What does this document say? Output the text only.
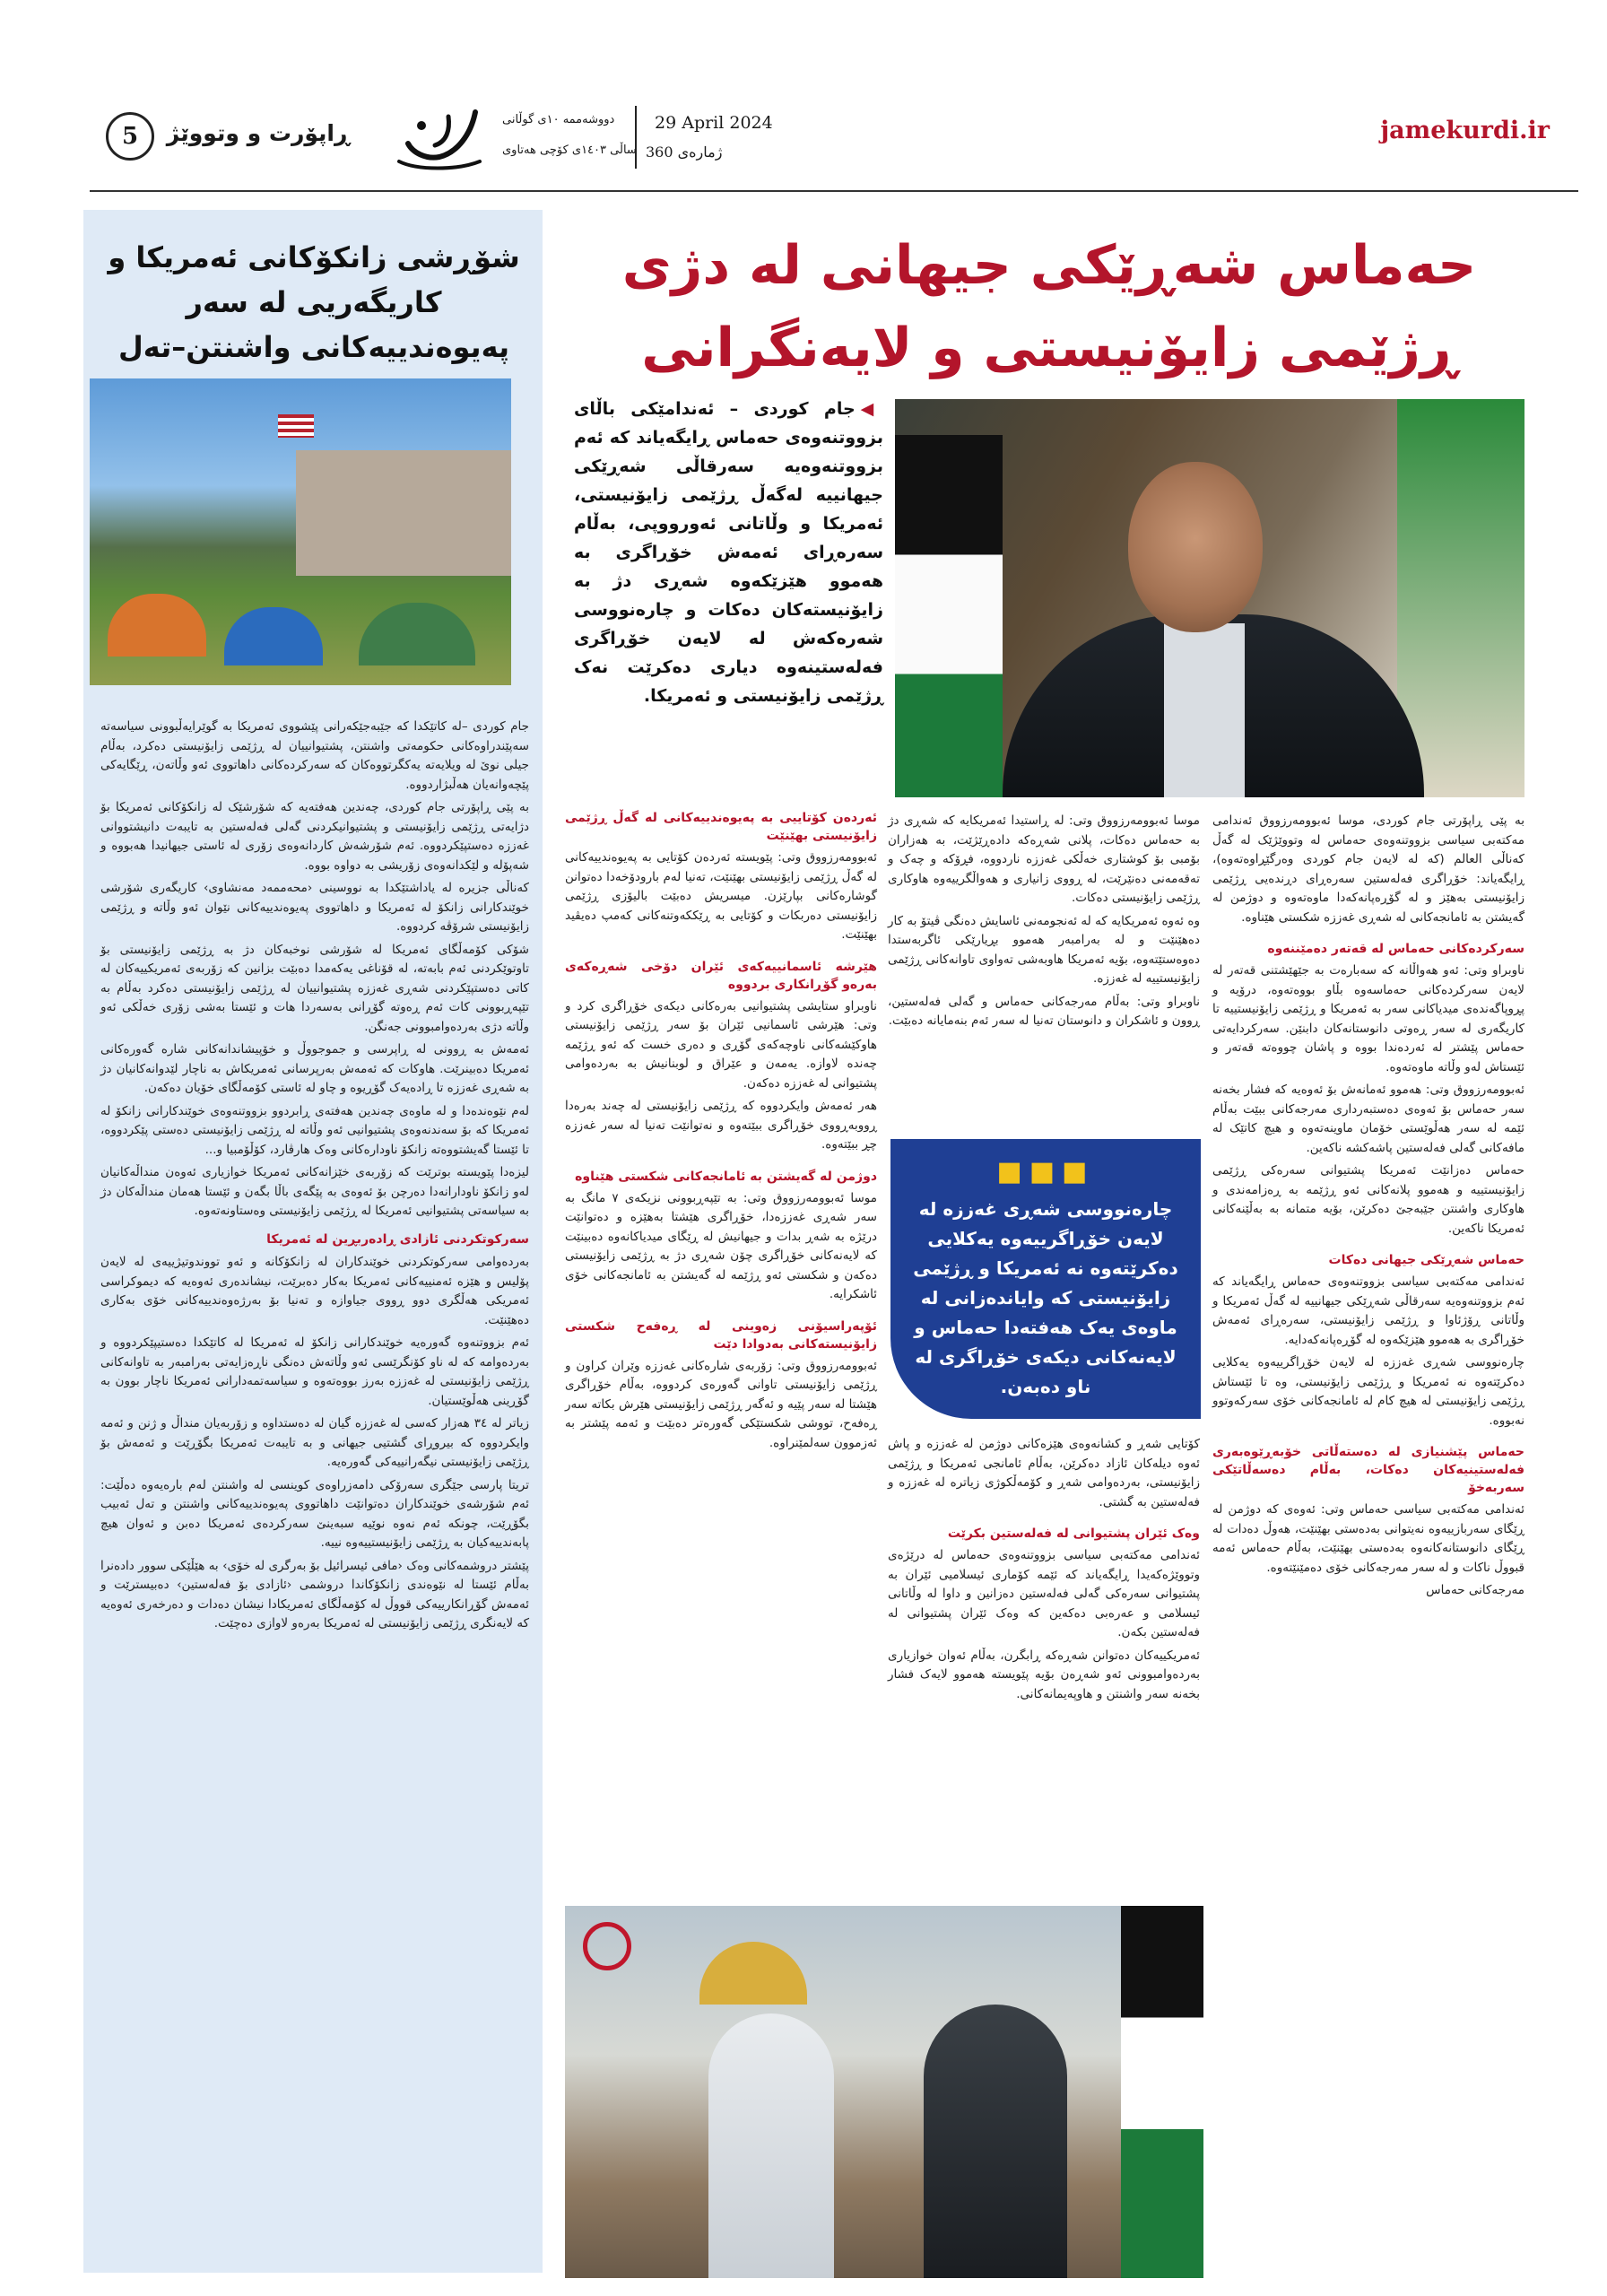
jamekurdi.ir
29 April 2024
ژمارەی 360
دووشەممە ١٠ی گوڵانی
ساڵی ١٤٠٣ی کۆچی هەتاوی
ڕاپۆرت و وتووێژ
5
شۆڕشی زانکۆکانی ئەمریکا و کاریگەریی لە سەر پەیوەندییەکانی واشنتن–تەل

جام کوردی –لە کاتێکدا کە جێبەجێکەرانی پێشووی ئەمریکا بە گوێرایەڵبوونی سیاسەتە سەپێندراوەکانی حکومەتی واشنتن، پشتیوانییان لە ڕژێمی زایۆنیستی دەکرد، بەڵام جیلی نوێ لە ویلایەتە یەکگرتووەکان کە سەرکردەکانی داهاتووی ئەو وڵاتەن، ڕێگایەکی پێچەوانەیان هەڵبژاردووە.

بە پێی ڕاپۆرتی جام کوردی، چەندین هەفتەیە کە شۆرشێک لە زانکۆکانی ئەمریکا بۆ دژایەتی ڕژێمی زایۆنیستی و پشتیوانیکردنی گەلی فەلەستین بە تایبەت دانیشتووانی غەززە دەستپێکردووە. ئەم شۆرشەش کاردانەوەی زۆری لە ئاستی جیهانیدا هەبووە و شەپۆلە و لێکدانەوەی زۆریشی بە دواوە بووە.

کەناڵی جزیرە لە یاداشتێکدا بە نووسینی ‹محەممەد مەنشاوی› کاریگەری شۆرشی خوێندکارانی زانکۆ لە ئەمریکا و داهاتووی پەیوەندییەکانی نێوان ئەو وڵاتە و ڕژێمی زایۆنیستی شرۆڤە کردووە.

شۆکی کۆمەڵگای ئەمریکا لە شۆرشی نوخبەکان دژ بە ڕژێمی زایۆنیستی بۆ تاوتوێکردنی ئەم بابەتە، لە قۆناغی یەکەمدا دەبێت بزانین کە زۆربەی ئەمریکییەکان لە کاتی دەستپێکردنی شەڕی غەززە پشتیوانییان لە ڕژێمی زایۆنیستی دەکرد بەڵام بە تێپەڕبوونی کات ئەم ڕەوتە گۆڕانی بەسەردا هات و ئێستا بەشی زۆری خەڵکی ئەو وڵاتە دژی بەردەوامبوونی جەنگن.

ئەمەش بە ڕوونی لە ڕاپرسی و جموجووڵ و خۆپیشاندانەکانی شارە گەورەکانی ئەمریکا دەبینرێت. هاوکات کە ئەمەش بەرپرسانی ئەمریکاش بە ناچار لێدوانەکانیان دژ بە شەڕی غەززە تا ڕادەیەک گۆڕیوە و چاو لە ئاستی کۆمەڵگای خۆیان دەکەن.

لەم نێوەندەدا و لە ماوەی چەندین هەفتەی ڕابردوو بزووتنەوەی خوێندکارانی زانکۆ لە ئەمریکا کە بۆ سەندنەوەی پشتیوانیی ئەو وڵاتە لە ڕژێمی زایۆنیستی دەستی پێکردووە، تا ئێستا گەیشتووەتە زانکۆ ناودارەکانی وەک هارڤارد، کۆڵۆمبیا و...

لیزەدا پێویستە بوترێت کە زۆربەی خێزانەکانی ئەمریکا خوازیاری ئەوەن منداڵەکانیان لەو زانکۆ ناودارانەدا دەرچن بۆ ئەوەی بە پێگەی باڵا بگەن و ئێستا هەمان منداڵەکان دژ بە سیاسەتی پشتیوانیی ئەمریکا لە ڕژێمی زایۆنیستی وەستاونەتەوە.

سەرکوتکردنی ئازادی ڕادەربڕین لە ئەمریکا

بەردەوامی سەرکوتکردنی خوێندکاران لە زانکۆکانە و ئەو تووندوتیژییەی لە لایەن پۆلیس و هێزە ئەمنییەکانی ئەمریکا بەکار دەبرێت، نیشاندەری ئەوەیە کە دیموکراسی ئەمریکی هەڵگری دوو ڕووی جیاوازە و تەنیا بۆ بەرژەوەندییەکانی خۆی بەکاری دەهێنێت.

ئەم بزووتنەوە گەورەیە خوێندکارانی زانکۆ لە ئەمریکا لە کاتێکدا دەستیپێکردووە و بەردەوامە کە لە ناو کۆنگرێسی ئەو وڵاتەش دەنگی ناڕەزایەتی بەرامبەر بە تاوانەکانی ڕژێمی زایۆنیستی لە غەززە بەرز بووەتەوە و سیاسەتمەدارانی ئەمریکا ناچار بوون بە گۆڕینی هەڵوێستیان.

زیاتر لە ٣٤ هەزار کەسی لە غەززە گیان لە دەستداوە و زۆربەیان منداڵ و ژنن و ئەمە وایکردووە کە بیروڕای گشتیی جیهانی و بە تایبەت ئەمریکا بگۆڕێت و ئەمەش بۆ ڕژێمی زایۆنیستی نیگەرانییەکی گەورەیە.

تریتا پارسی جێگری سەرۆکی دامەزراوەی کوینسی لە واشنتن لەم بارەیەوە دەڵێت: ئەم شۆرشەی خوێندکاران دەتوانێت داهاتووی پەیوەندییەکانی واشنتن و تەل ئەبیب بگۆڕێت، چونکە ئەم نەوە نوێیە سبەینێ سەرکردەی ئەمریکا دەبن و ئەوان هیچ پابەندییەکیان بە ڕژێمی زایۆنیستییەوە نییە.

پێشتر دروشمەکانی وەک ‹مافی ئیسرائیل بۆ بەرگری لە خۆی› بە هێڵێکی سوور دادەنرا بەڵام ئێستا لە نێوەندی زانکۆکاندا دروشمی ‹ئازادی بۆ فەلەستین› دەبیسترێت و ئەمەش گۆڕانکارییەکی قووڵ لە کۆمەڵگای ئەمریکادا نیشان دەدات و دەرخەری ئەوەیە کە لایەنگری ڕژێمی زایۆنیستی لە ئەمریکا بەرەو لاوازی دەچێت.

حەماس شەڕێکی جیهانی لە دژی
ڕژێمی زایۆنیستی و لایەنگرانی
◀جام کوردی – ئەندامێکی باڵای بزووتنەوەی حەماس ڕایگەیاند کە ئەم بزووتنەوەیە سەرقاڵی شەڕێکی جیهانییە لەگەڵ ڕژێمی زایۆنیستی، ئەمریکا و وڵاتانی ئەورووپی، بەڵام سەرەڕای ئەمەش خۆڕاگری بە هەموو هێزێکەوە شەڕی دژ بە زایۆنیستەکان دەکات و چارەنووسی شەرەکەش لە لایەن خۆڕاگری فەلەستینەوە دیاری دەکرێت نەک ڕژێمی زایۆنیستی و ئەمریکا.

بە پێی ڕاپۆرتی جام کوردی، موسا ئەبوومەرزووق ئەندامی مەکتەبی سیاسی بزووتنەوەی حەماس لە وتووێژێک لە گەڵ کەناڵی العالم (کە لە لایەن جام کوردی وەرگێڕاوەتەوە)، ڕایگەیاند: خۆڕاگری فەلەستین سەرەڕای دڕندەیی ڕژێمی زایۆنیستی بەهێز و لە گۆڕەپانەکەدا ماوەتەوە و دوژمن لە گەیشتن بە ئامانجەکانی لە شەڕی غەززە شکستی هێناوە.

سەرکردەکانی حەماس لە قەتەر دەمێننەوە

ناوبراو وتی: ئەو هەواڵانە کە سەبارەت بە جێهێشتنی قەتەر لە لایەن سەرکردەکانی حەماسەوە بڵاو بووەتەوە، درۆیە و پڕوپاگەندەی میدیاکانی سەر بە ئەمریکا و ڕژێمی زایۆنیستییە تا کاریگەری لە سەر ڕەوتی دانوستانەکان دابنێن. سەرکردایەتی حەماس پێشتر لە ئەردەندا بووە و پاشان چووەتە قەتەر و ئێستاش لەو وڵاتە ماوەتەوە.

ئەبوومەرزووق وتی: هەموو ئەمانەش بۆ ئەوەیە کە فشار بخەنە سەر حەماس بۆ ئەوەی دەستبەرداری مەرجەکانی ببێت بەڵام ئێمە لە سەر هەڵوێستی خۆمان ماوینەتەوە و هیچ کاتێک لە مافەکانی گەلی فەلەستین پاشەکشە ناکەین.

حەماس دەزانێت ئەمریکا پشتیوانی سەرەکی ڕژێمی زایۆنیستییە و هەموو پلانەکانی ئەو ڕژێمە بە ڕەزامەندی و هاوکاری واشنتن جێبەجێ دەکرێن، بۆیە متمانە بە بەڵێنەکانی ئەمریکا ناکەین.

حەماس شەڕێکی جیهانی دەکات

ئەندامی مەکتەبی سیاسی بزووتنەوەی حەماس ڕایگەیاند کە ئەم بزووتنەوەیە سەرقاڵی شەڕێکی جیهانییە لە گەڵ ئەمریکا و وڵاتانی ڕۆژئاوا و ڕژێمی زایۆنیستی، سەرەڕای ئەمەش خۆڕاگری بە هەموو هێزێکەوە لە گۆڕەپانەکەدایە.

چارەنووسی شەڕی غەززە لە لایەن خۆڕاگرییەوە یەکلایی دەکرێتەوە نە ئەمریکا و ڕژێمی زایۆنیستی، وە تا ئێستاش ڕژێمی زایۆنیستی لە هیچ کام لە ئامانجەکانی خۆی سەرکەوتوو نەبووە.

حەماس پێشنیازی لە دەستەڵاتی خۆبەڕێوەبەری فەلەستینیەکان دەکات، بەڵام دەسەڵاتێکی سەربەخۆ

ئەندامی مەکتەبی سیاسی حەماس وتی: ئەوەی کە دوژمن لە ڕێگای سەربازییەوە نەیتوانی بەدەستی بهێنێت، هەوڵ دەدات لە ڕێگای دانوستانەکانەوە بەدەستی بهێنێت، بەڵام حەماس ئەمە قبووڵ ناکات و لە سەر مەرجەکانی خۆی دەمێنێتەوە.

مەرجەکانی حەماس

موسا ئەبوومەرزووق وتی: لە ڕاستیدا ئەمریکایە کە شەڕی دژ بە حەماس دەکات، پلانی شەڕەکە دادەڕێژێت، بە هەزاران بۆمبی بۆ کوشتاری خەڵکی غەززە ناردووە، فڕۆکە و چەک و تەقەمەنی دەنێرێت، لە ڕووی زانیاری و هەواڵگرییەوە هاوکاری ڕژێمی زایۆنیستی دەکات.

وە ئەوە ئەمریکایە کە لە ئەنجومەنی ئاسایش دەنگی ڤیتۆ بە کار دەهێنێت و لە بەرامبەر هەموو بڕیارێکی ئاگربەستدا دەوەستێتەوە، بۆیە ئەمریکا هاوبەشی تەواوی تاوانەکانی ڕژێمی زایۆنیستییە لە غەززە.

ناوبراو وتی: بەڵام مەرجەکانی حەماس و گەلی فەلەستین، ڕوون و ئاشکران و دانوستان تەنیا لە سەر ئەم بنەمایانە دەبێت.

کۆتایی شەڕ و کشانەوەی هێزەکانی دوژمن لە غەززە و پاش ئەوە دیلەکان ئازاد دەکرێن، بەڵام ئامانجی ئەمریکا و ڕژێمی زایۆنیستی، بەردەوامی شەڕ و کۆمەڵکوژی زیاترە لە غەززە و فەلەستین بە گشتی.

وەک ئێران پشتیوانی لە فەلەستین بکرێت

ئەندامی مەکتەبی سیاسی بزووتنەوەی حەماس لە درێژەی وتووێژەکەیدا ڕایگەیاند کە ئێمە کۆماری ئیسلامیی ئێران بە پشتیوانی سەرەکی گەلی فەلەستین دەزانین و داوا لە وڵاتانی ئیسلامی و عەرەبی دەکەین کە وەک ئێران پشتیوانی لە فەلەستین بکەن.

ئەمریکییەکان دەتوانن شەڕەکە ڕابگرن، بەڵام ئەوان خوازیاری بەردەوامبوونی ئەو شەڕەن بۆیە پێویستە هەموو لایەک فشار بخەنە سەر واشنتن و هاوپەیمانەکانی.

ئەردەن کۆتاییی بە پەیوەندییەکانی لە گەڵ ڕژێمی زایۆنیستی بهێنێت

ئەبوومەرزووق وتی: پێویستە ئەردەن کۆتایی بە پەیوەندییەکانی لە گەڵ ڕژێمی زایۆنیستی بهێنێت، تەنیا لەم بارودۆخەدا دەتوانن گوشارەکانی بپارێزن. میسریش دەبێت بالیۆزی ڕژێمی زایۆنیستی دەربکات و کۆتایی بە ڕێککەوتنەکانی کەمپ دەیڤید بهێنێت.

هێرشە ئاسمانییەکەی ئێران دۆخی شەڕەکەی بەرەو گۆڕانکاری بردووە

ناوبراو ستایشی پشتیوانیی بەرەکانی دیکەی خۆڕاگری کرد و وتی: هێرشی ئاسمانیی ئێران بۆ سەر ڕژێمی زایۆنیستی هاوکێشەکانی ناوچەکەی گۆڕی و دەری خست کە ئەو ڕژێمە چەندە لاوازە. یەمەن و عێراق و لوبنانیش بە بەردەوامی پشتیوانی لە غەززە دەکەن.

هەر ئەمەش وایکردووە کە ڕژێمی زایۆنیستی لە چەند بەرەدا ڕووبەڕووی خۆڕاگری ببێتەوە و نەتوانێت تەنیا لە سەر غەززە چڕ ببێتەوە.

دوژمن لە گەیشتن بە ئامانجەکانی شکستی هێناوە

موسا ئەبوومەرزووق وتی: بە تێپەڕبوونی نزیکەی ٧ مانگ بە سەر شەڕی غەززەدا، خۆڕاگری هێشتا بەهێزە و دەتوانێت درێژە بە شەڕ بدات و جیهانیش لە ڕێگای میدیاکانەوە دەبینێت کە لایەنەکانی خۆڕاگری چۆن شەڕی دژ بە ڕژێمی زایۆنیستی دەکەن و شکستی ئەو ڕژێمە لە گەیشتن بە ئامانجەکانی خۆی ئاشکرایە.

ئۆپەراسیۆنی زەوینی لە ڕەفەح شکستی زایۆنیستەکانی بەدوادا دێت

ئەبوومەرزووق وتی: زۆربەی شارەکانی غەززە وێران کراون و ڕژێمی زایۆنیستی تاوانی گەورەی کردووە، بەڵام خۆڕاگری هێشتا لە سەر پێیە و ئەگەر ڕژێمی زایۆنیستی هێرش بکاتە سەر ڕەفەح، تووشی شکستێکی گەورەتر دەبێت و ئەمە پێشتر بە ئەزموون سەلمێنراوە.

■■■
چارەنووسی شەڕی غەززە لە لایەن خۆڕاگرییەوە یەکلایی دەکرێتەوە نە ئەمریکا و ڕژێمی زایۆنیستی کە وایاندەزانی لە ماوەی یەک هەفتەدا حەماس و لایەنەکانی دیکەی خۆڕاگری لە ناو دەبەن.
